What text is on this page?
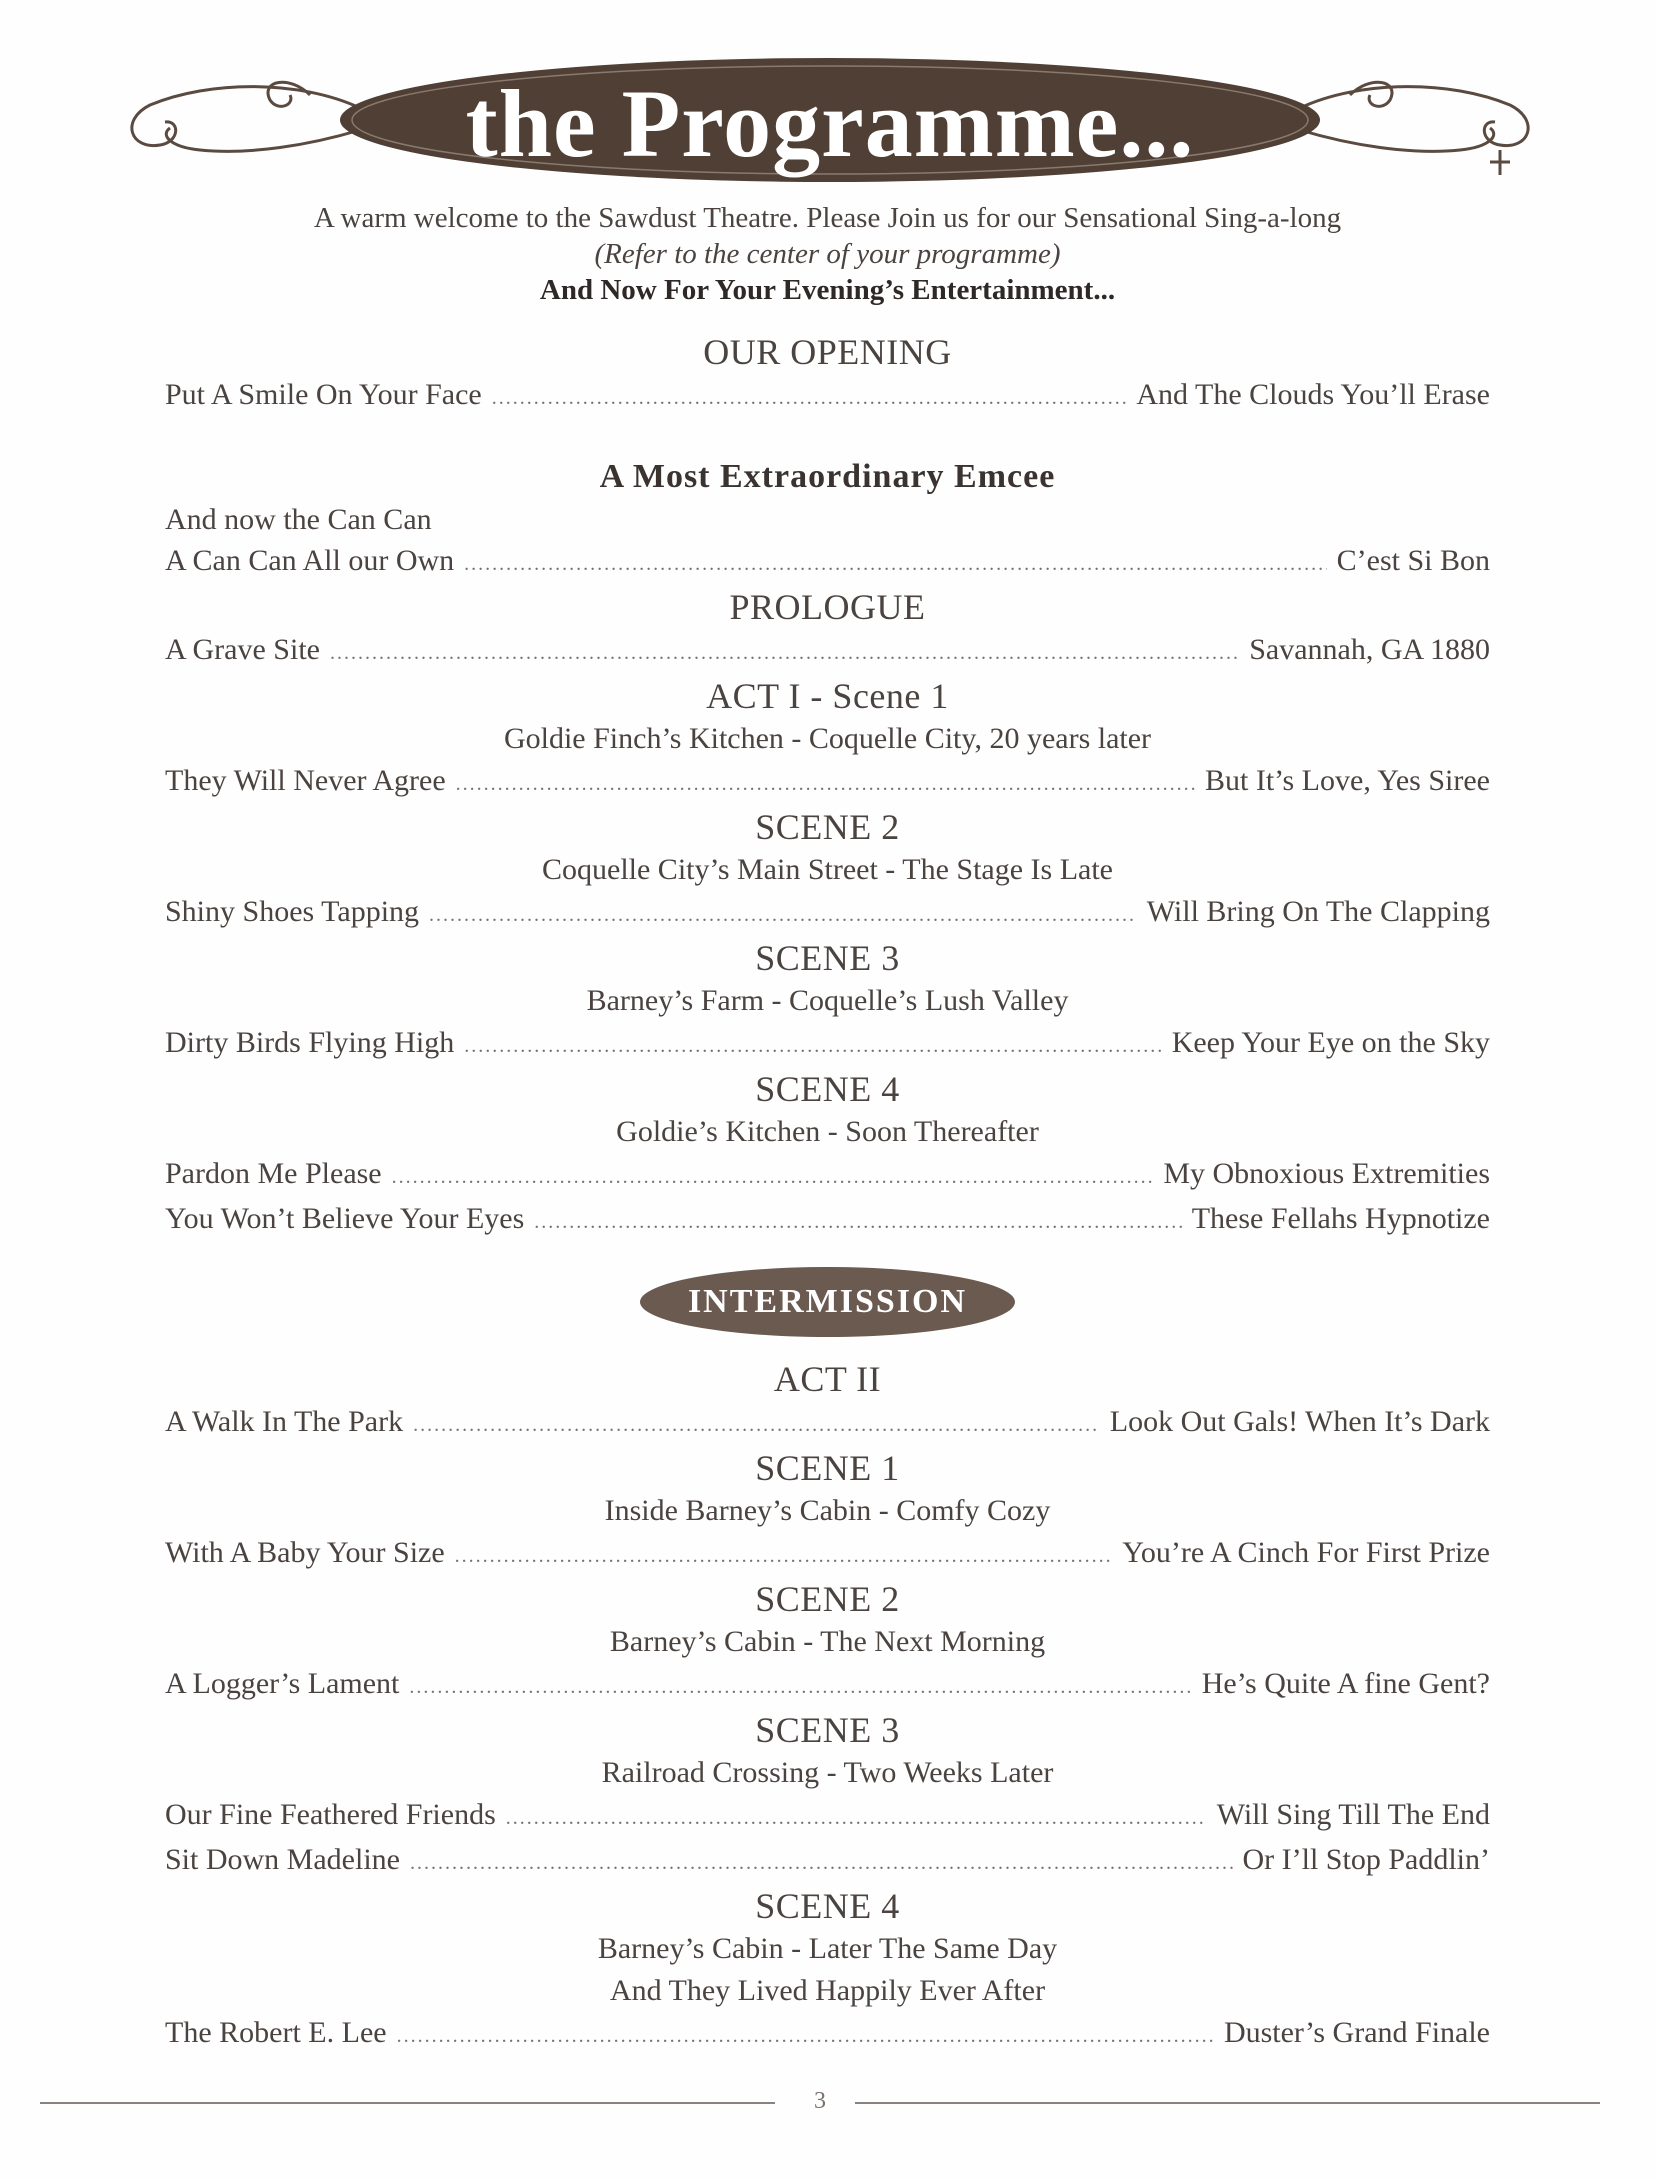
the Programme...
A warm welcome to the Sawdust Theatre. Please Join us for our Sensational Sing-a-long
(Refer to the center of your programme)
And Now For Your Evening’s Entertainment...
OUR OPENING
Put A Smile On Your Face .....	And The Clouds You’ll Erase
A Most Extraordinary Emcee
And now the Can Can
A Can Can All our Own .....	C’est Si Bon
PROLOGUE
A Grave Site .....	Savannah, GA 1880
ACT I - Scene 1
Goldie Finch’s Kitchen - Coquelle City, 20 years later
They Will Never Agree .....	But It’s Love, Yes Siree
SCENE 2
Coquelle City’s Main Street - The Stage Is Late
Shiny Shoes Tapping .....	Will Bring On The Clapping
SCENE 3
Barney’s Farm - Coquelle’s Lush Valley
Dirty Birds Flying High .....	Keep Your Eye on the Sky
SCENE 4
Goldie’s Kitchen - Soon Thereafter
Pardon Me Please .....	My Obnoxious Extremities
You Won’t Believe Your Eyes .....	These Fellahs Hypnotize
INTERMISSION
ACT II
A Walk In The Park .....	Look Out Gals! When It’s Dark
SCENE 1
Inside Barney’s Cabin - Comfy Cozy
With A Baby Your Size .....	You’re A Cinch For First Prize
SCENE 2
Barney’s Cabin - The Next Morning
A Logger’s Lament .....	He’s Quite A fine Gent?
SCENE 3
Railroad Crossing - Two Weeks Later
Our Fine Feathered Friends .....	Will Sing Till The End
Sit Down Madeline .....	Or I’ll Stop Paddlin’
SCENE 4
Barney’s Cabin - Later The Same Day
And They Lived Happily Ever After
The Robert E. Lee .....	Duster’s Grand Finale
3
